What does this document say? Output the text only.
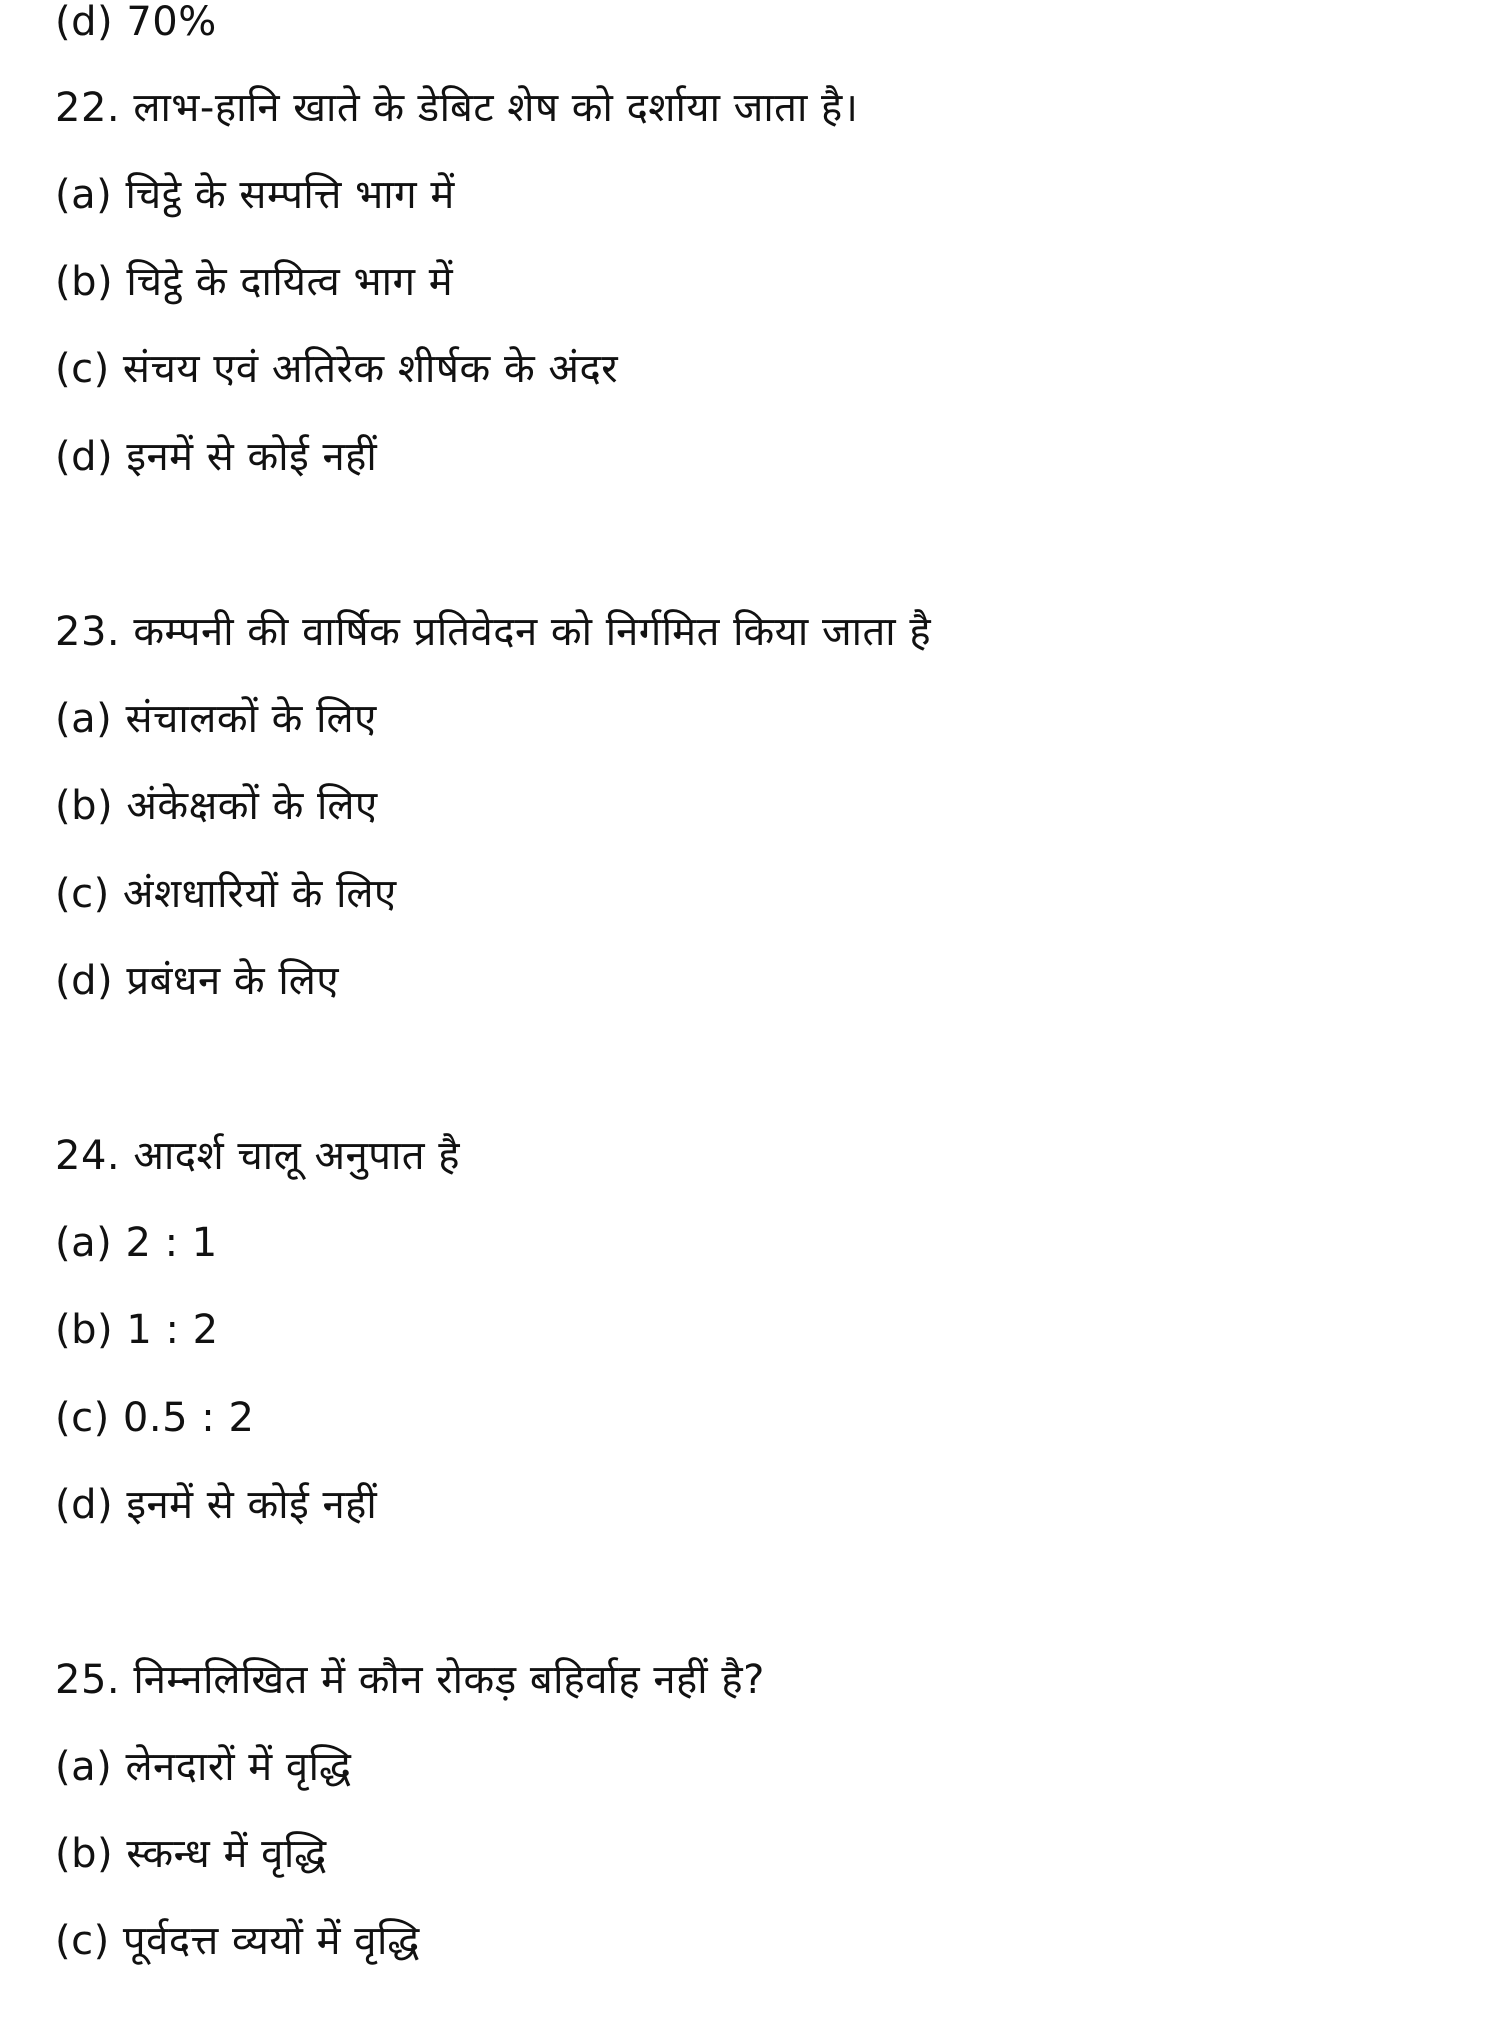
(d) 70%
22. लाभ-हानि खाते के डेबिट शेष को दर्शाया जाता है।
(a) चिट्ठे के सम्पत्ति भाग में
(b) चिट्ठे के दायित्व भाग में
(c) संचय एवं अतिरेक शीर्षक के अंदर
(d) इनमें से कोई नहीं
23. कम्पनी की वार्षिक प्रतिवेदन को निर्गमित किया जाता है
(a) संचालकों के लिए
(b) अंकेक्षकों के लिए
(c) अंशधारियों के लिए
(d) प्रबंधन के लिए
24. आदर्श चालू अनुपात है
(a) 2 : 1
(b) 1 : 2
(c) 0.5 : 2
(d) इनमें से कोई नहीं
25. निम्नलिखित में कौन रोकड़ बहिर्वाह नहीं है?
(a) लेनदारों में वृद्धि
(b) स्कन्ध में वृद्धि
(c) पूर्वदत्त व्ययों में वृद्धि
